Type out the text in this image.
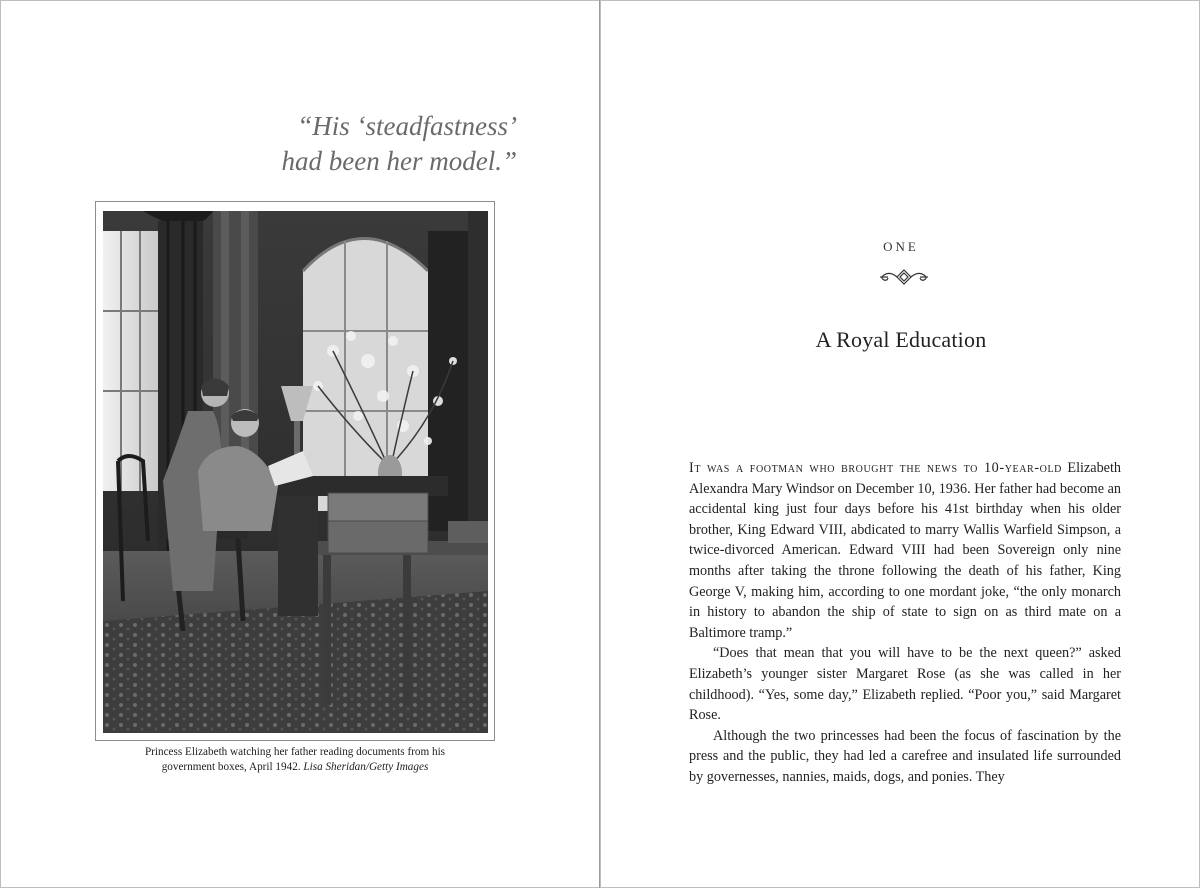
“His ‘steadfastness’
had been her model.”
Princess Elizabeth watching her father reading documents from his
government boxes, April 1942. Lisa Sheridan/Getty Images
ONE
A Royal Education

It was a footman who brought the news to 10-year-old Elizabeth Alexandra Mary Windsor on December 10, 1936. Her father had become an accidental king just four days before his 41st birthday when his older brother, King Edward VIII, abdicated to marry Wallis Warfield Simpson, a twice-divorced American. Edward VIII had been Sovereign only nine months after taking the throne following the death of his father, King George V, making him, according to one mordant joke, “the only monarch in history to abandon the ship of state to sign on as third mate on a Baltimore tramp.”

“Does that mean that you will have to be the next queen?” asked Elizabeth’s younger sister Margaret Rose (as she was called in her childhood). “Yes, some day,” Elizabeth replied. “Poor you,” said Margaret Rose.

Although the two princesses had been the focus of fascination by the press and the public, they had led a carefree and insulated life surrounded by governesses, nannies, maids, dogs, and ponies. They
